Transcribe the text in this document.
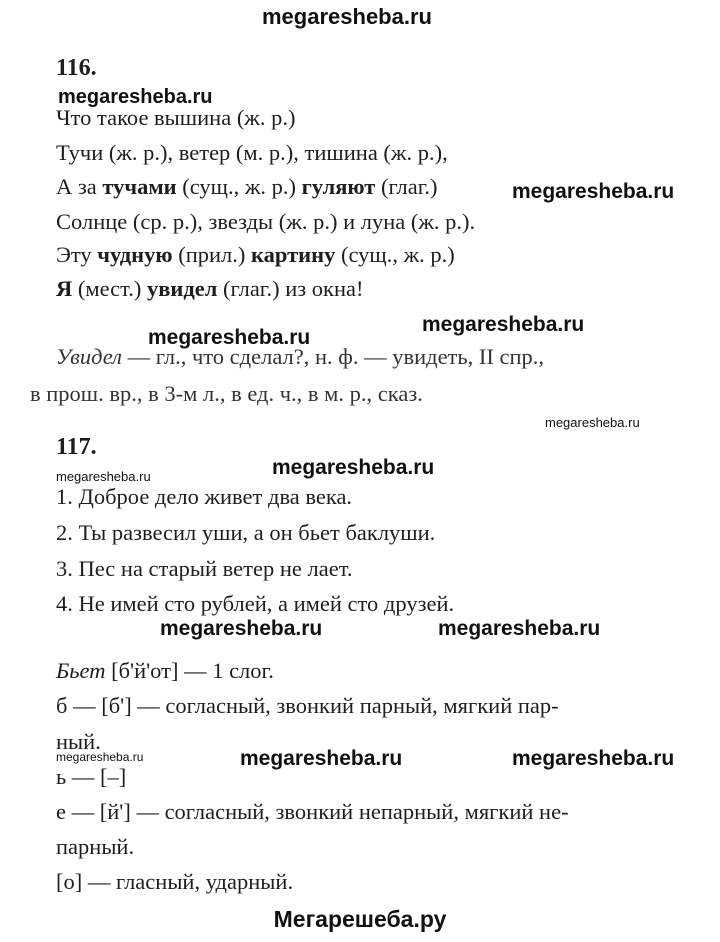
megaresheba.ru
116.
megaresheba.ru
Что такое вышина (ж. р.)
Тучи (ж. р.), ветер (м. р.), тишина (ж. р.),
А за тучами (сущ., ж. р.) гуляют (глаг.)	megaresheba.ru
Солнце (ср. р.), звезды (ж. р.) и луна (ж. р.).
Эту чудную (прил.) картину (сущ., ж. р.)
Я (мест.) увидел (глаг.) из окна!
megaresheba.ru
megaresheba.ru
Увидел — гл., что сделал?, н. ф. — увидеть, II спр.,
в прош. вр., в 3-м л., в ед. ч., в м. р., сказ.
117.
megaresheba.ru
megaresheba.ru	megaresheba.ru
1. Доброе дело живет два века.
2. Ты развесил уши, а он бьет баклуши.
3. Пес на старый ветер не лает.
4. Не имей сто рублей, а имей сто друзей.
megaresheba.ru	megaresheba.ru
Бьет [б'й'от] — 1 слог.
б — [б'] — согласный, звонкий парный, мягкий пар-
ный.
megaresheba.ru	megaresheba.ru	megaresheba.ru
ь — [–]
е — [й'] — согласный, звонкий непарный, мягкий не-
парный.
[о] — гласный, ударный.
Мегарешеба.ру
